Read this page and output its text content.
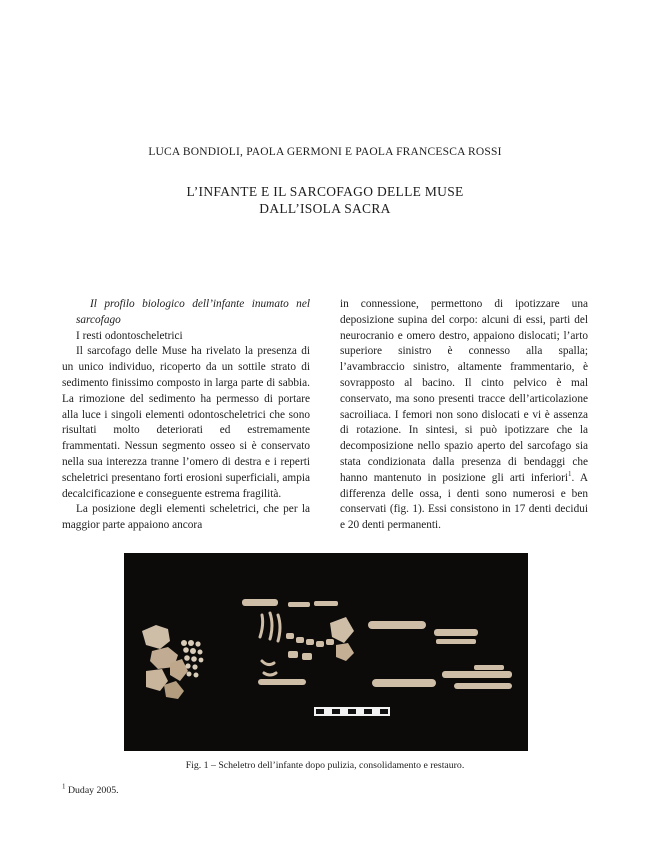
LUCA BONDIOLI, PAOLA GERMONI E PAOLA FRANCESCA ROSSI
L’INFANTE E IL SARCOFAGO DELLE MUSE
DALL’ISOLA SACRA

Il profilo biologico dell’infante inumato nel sarcofago

I resti odontoscheletrici

Il sarcofago delle Muse ha rivelato la presenza di un unico individuo, ricoperto da un sottile strato di sedimento finissimo composto in larga parte di sabbia. La rimozione del sedimento ha permesso di portare alla luce i singoli elementi odontoscheletrici che sono risultati molto deteriorati ed estremamente frammentati. Nessun segmento osseo si è conservato nella sua interezza tranne l’omero di destra e i reperti scheletrici presentano forti erosioni superficiali, ampia decalcificazione e conseguente estrema fragilità.

La posizione degli elementi scheletrici, che per la maggior parte appaiono ancora

in connessione, permettono di ipotizzare una deposizione supina del corpo: alcuni di essi, parti del neurocranio e omero destro, appaiono dislocati; l’arto superiore sinistro è connesso alla spalla; l’avambraccio sinistro, altamente frammentario, è sovrapposto al bacino. Il cinto pelvico è mal conservato, ma sono presenti tracce dell’articolazione sacroiliaca. I femori non sono dislocati e vi è assenza di rotazione. In sintesi, si può ipotizzare che la decomposizione nello spazio aperto del sarcofago sia stata condizionata dalla presenza di bendaggi che hanno mantenuto in posizione gli arti inferiori$^1$. A differenza delle ossa, i denti sono numerosi e ben conservati (fig. 1). Essi consistono in 17 denti decidui e 20 denti permanenti.

Fig. 1 – Scheletro dell’infante dopo pulizia, consolidamento e restauro.
$^1$ Duday 2005.
